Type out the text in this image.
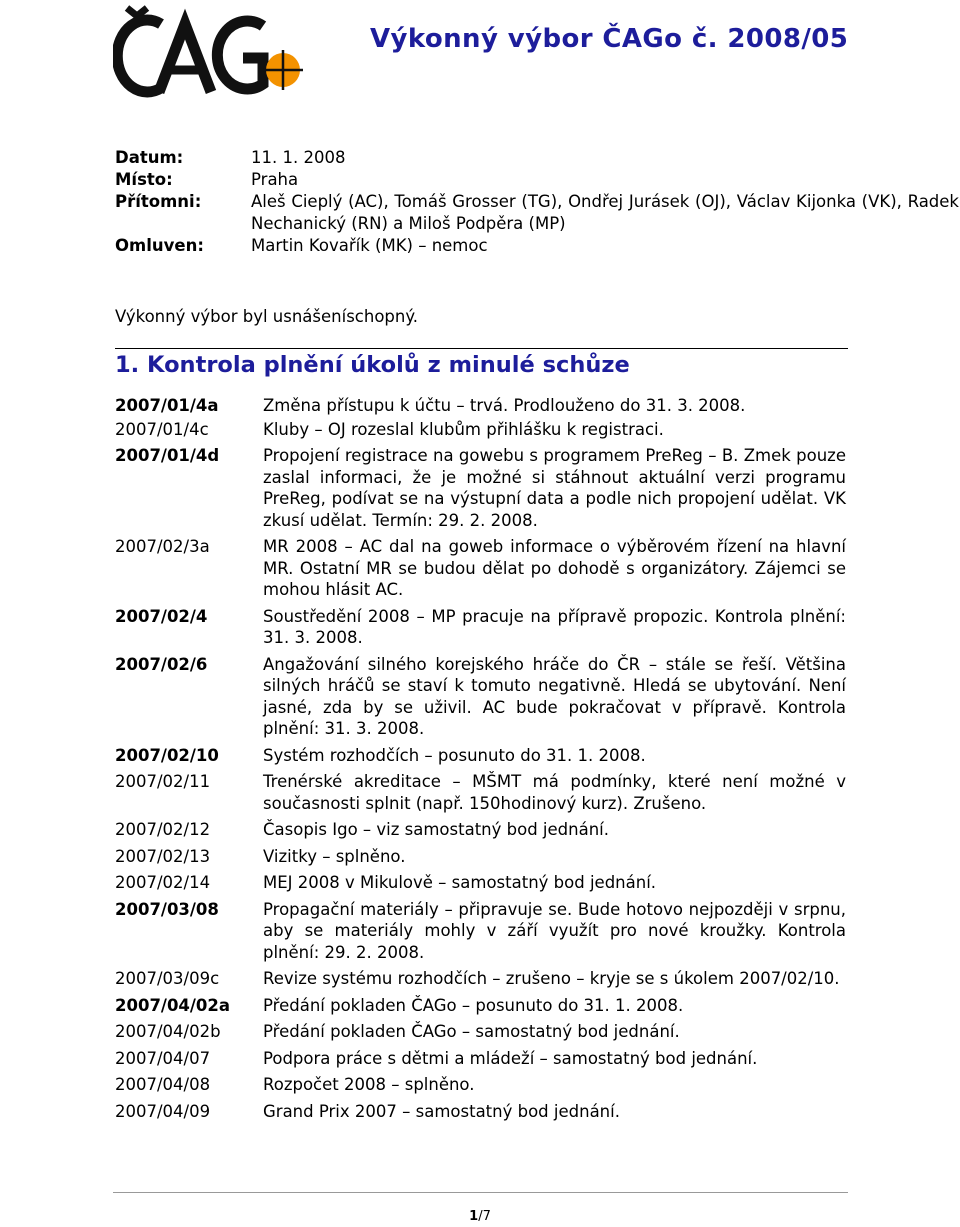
Výkonný výbor ČAGo č. 2008/05
Datum:	11. 1. 2008
Místo:	Praha
Přítomni:	Aleš Cieplý (AC), Tomáš Grosser (TG), Ondřej Jurásek (OJ), Václav Kijonka (VK), Radek Nechanický (RN) a Miloš Podpěra (MP)
Omluven:	Martin Kovařík (MK) – nemoc
Výkonný výbor byl usnášeníschopný.
1. Kontrola plnění úkolů z minulé schůze
2007/01/4a	Změna přístupu k účtu – trvá. Prodlouženo do 31. 3. 2008.
2007/01/4c	Kluby – OJ rozeslal klubům přihlášku k registraci.
2007/01/4d	Propojení registrace na gowebu s programem PreReg – B. Zmek pouze zaslal informaci, že je možné si stáhnout aktuální verzi programu PreReg, podívat se na výstupní data a podle nich propojení udělat. VK zkusí udělat. Termín: 29. 2. 2008.
2007/02/3a	MR 2008 – AC dal na goweb informace o výběrovém řízení na hlavní MR. Ostatní MR se budou dělat po dohodě s organizátory. Zájemci se mohou hlásit AC.
2007/02/4	Soustředění 2008 – MP pracuje na přípravě propozic. Kontrola plnění: 31. 3. 2008.
2007/02/6	Angažování silného korejského hráče do ČR – stále se řeší. Většina silných hráčů se staví k tomuto negativně. Hledá se ubytování. Není jasné, zda by se uživil. AC bude pokračovat v přípravě. Kontrola plnění: 31. 3. 2008.
2007/02/10	Systém rozhodčích – posunuto do 31. 1. 2008.
2007/02/11	Trenérské akreditace – MŠMT má podmínky, které není možné v současnosti splnit (např. 150hodinový kurz). Zrušeno.
2007/02/12	Časopis Igo – viz samostatný bod jednání.
2007/02/13	Vizitky – splněno.
2007/02/14	MEJ 2008 v Mikulově – samostatný bod jednání.
2007/03/08	Propagační materiály – připravuje se. Bude hotovo nejpozději v srpnu, aby se materiály mohly v září využít pro nové kroužky. Kontrola plnění: 29. 2. 2008.
2007/03/09c	Revize systému rozhodčích – zrušeno – kryje se s úkolem 2007/02/10.
2007/04/02a	Předání pokladen ČAGo – posunuto do 31. 1. 2008.
2007/04/02b	Předání pokladen ČAGo – samostatný bod jednání.
2007/04/07	Podpora práce s dětmi a mládeží – samostatný bod jednání.
2007/04/08	Rozpočet 2008 – splněno.
2007/04/09	Grand Prix 2007 – samostatný bod jednání.
1/7
